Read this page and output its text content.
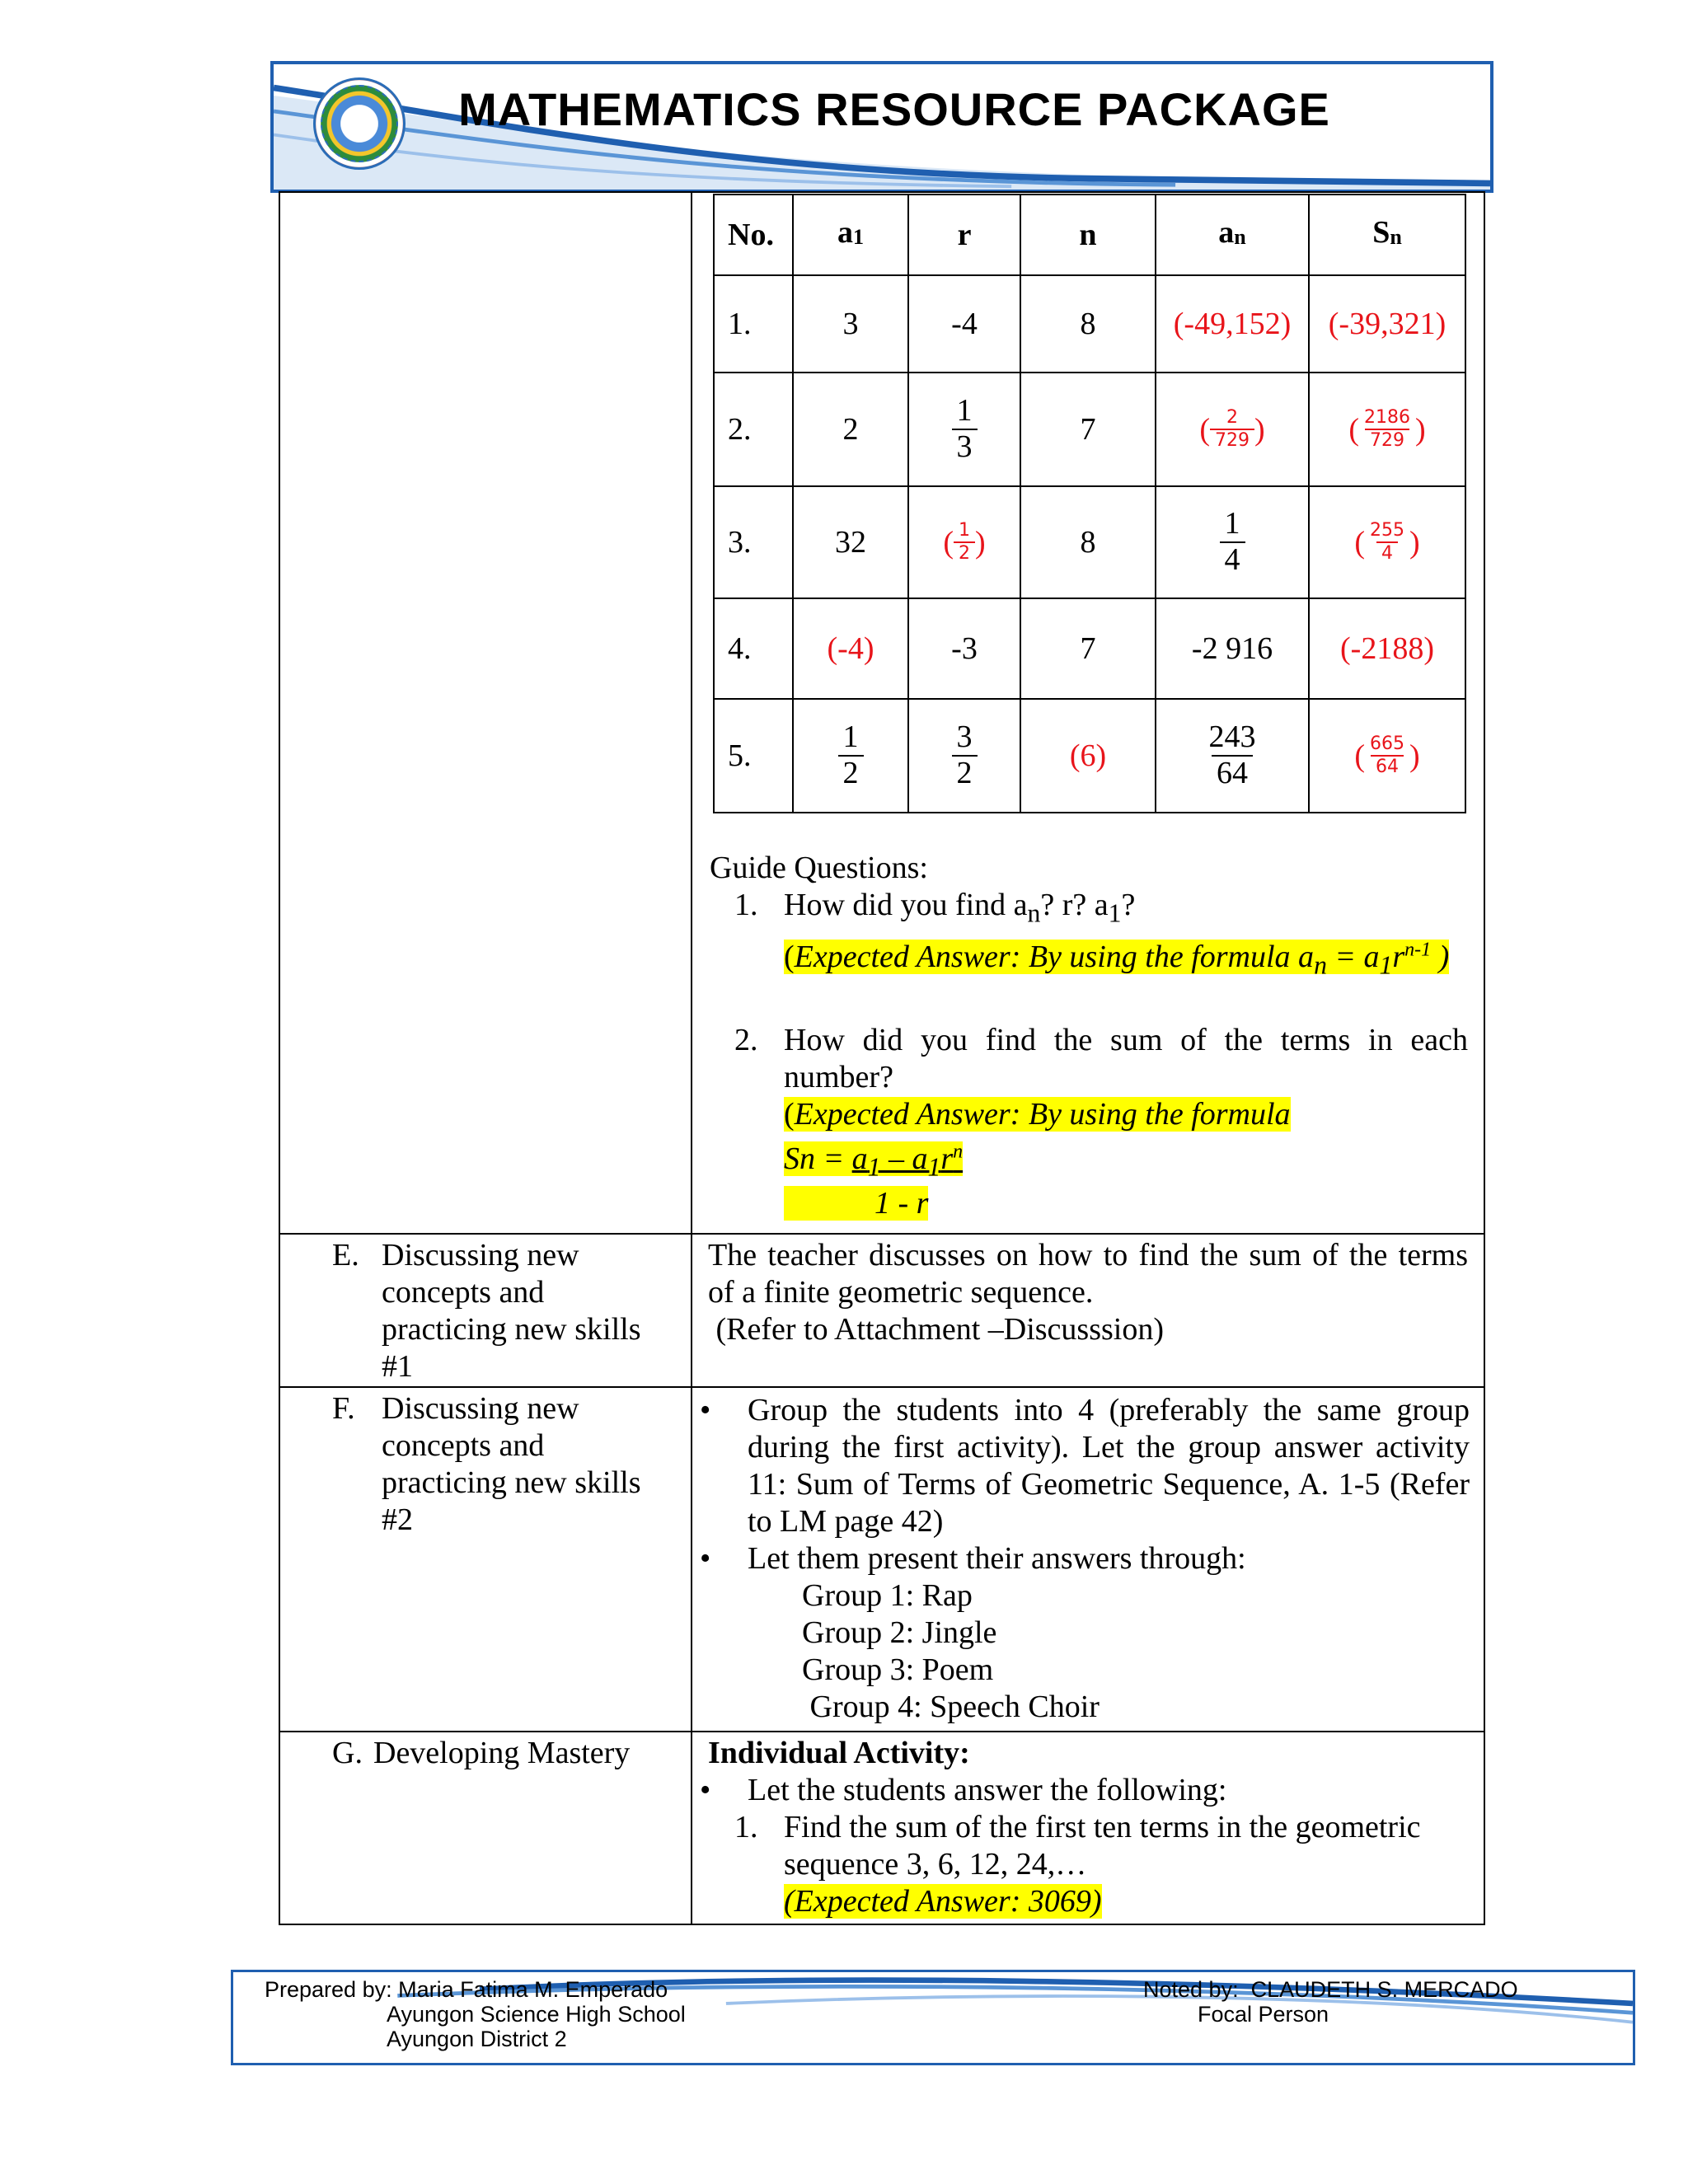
MATHEMATICS RESOURCE PACKAGE

No.	a1	r	n	an	Sn
1.	3	-4	8	(-49,152)	(-39,321)
2.	2	$\frac{1}{3}$	7	( $\frac{2}{729}$ )	( $\frac{2186}{729}$ )
3.	32	( $\frac{1}{2}$ )	8	$\frac{1}{4}$	( $\frac{255}{4}$ )
4.	(-4)	-3	7	-2 916	(-2188)
5.	$\frac{1}{2}$	$\frac{3}{2}$	(6)	$\frac{243}{64}$	( $\frac{665}{64}$ )
Guide Questions:
1. How did you find $a_n$? r? $a_1$?
(Expected Answer: By using the formula $a_n = a_1r^{n-1}$ )
2. How did you find the sum of the terms in each number?
(Expected Answer: By using the formula
$Sn = a_1 - a_1r^n$
1 - r

E. Discussing new concepts and practicing new skills #1

The teacher discusses on how to find the sum of the terms of a finite geometric sequence.
(Refer to Attachment –Discusssion)

F. Discussing new concepts and practicing new skills #2

•	Group the students into 4 (preferably the same group during the first activity). Let the group answer activity 11: Sum of Terms of Geometric Sequence, A. 1-5 (Refer to LM page 42)
•	Let them present their answers through:
Group 1: Rap
Group 2: Jingle
Group 3: Poem
Group 4: Speech Choir

G. Developing Mastery	Individual Activity:
•	Let the students answer the following:
1. Find the sum of the first ten terms in the geometric sequence 3, 6, 12, 24,…
(Expected Answer: 3069)
Prepared by: Maria Fatima M. Emperado
Ayungon Science High School
Ayungon District 2
Noted by:  CLAUDETH S. MERCADO
Focal Person
